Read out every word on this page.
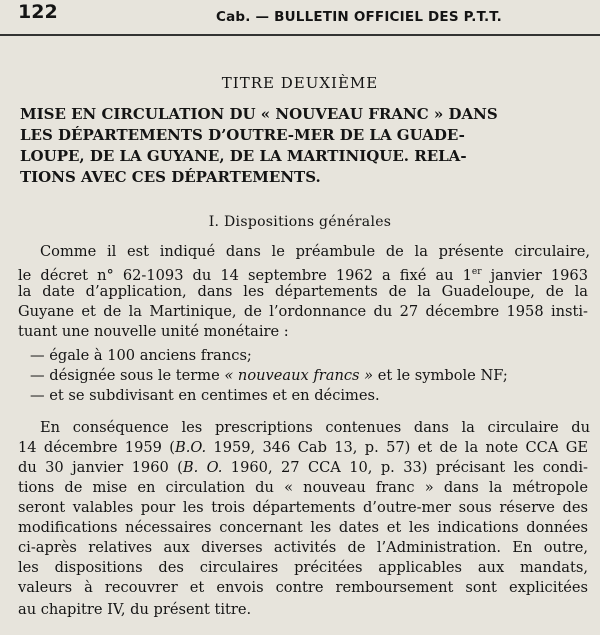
122	Cab. — BULLETIN OFFICIEL DES P.T.T.
TITRE DEUXIÈME
MISE EN CIRCULATION DU « NOUVEAU FRANC » DANS
LES DÉPARTEMENTS D’OUTRE-MER DE LA GUADE-
LOUPE, DE LA GUYANE, DE LA MARTINIQUE. RELA-
TIONS AVEC CES DÉPARTEMENTS.
I. Dispositions générales
Comme il est indiqué dans le préambule de la présente circulaire,
le décret n° 62-1093 du 14 septembre 1962 a fixé au 1er janvier 1963
la date d’application, dans les départements de la Guadeloupe, de la
Guyane et de la Martinique, de l’ordonnance du 27 décembre 1958 insti-
tuant une nouvelle unité monétaire :
— égale à 100 anciens francs;
— désignée sous le terme « nouveaux francs » et le symbole NF;
— et se subdivisant en centimes et en décimes.
En conséquence les prescriptions contenues dans la circulaire du
14 décembre 1959 (B.O. 1959, 346 Cab 13, p. 57) et de la note CCA GE
du 30 janvier 1960 (B. O. 1960, 27 CCA 10, p. 33) précisant les condi-
tions de mise en circulation du « nouveau franc » dans la métropole
seront valables pour les trois départements d’outre-mer sous réserve des
modifications nécessaires concernant les dates et les indications données
ci-après relatives aux diverses activités de l’Administration. En outre,
les dispositions des circulaires précitées applicables aux mandats,
valeurs à recouvrer et envois contre remboursement sont explicitées
au chapitre IV, du présent titre.
